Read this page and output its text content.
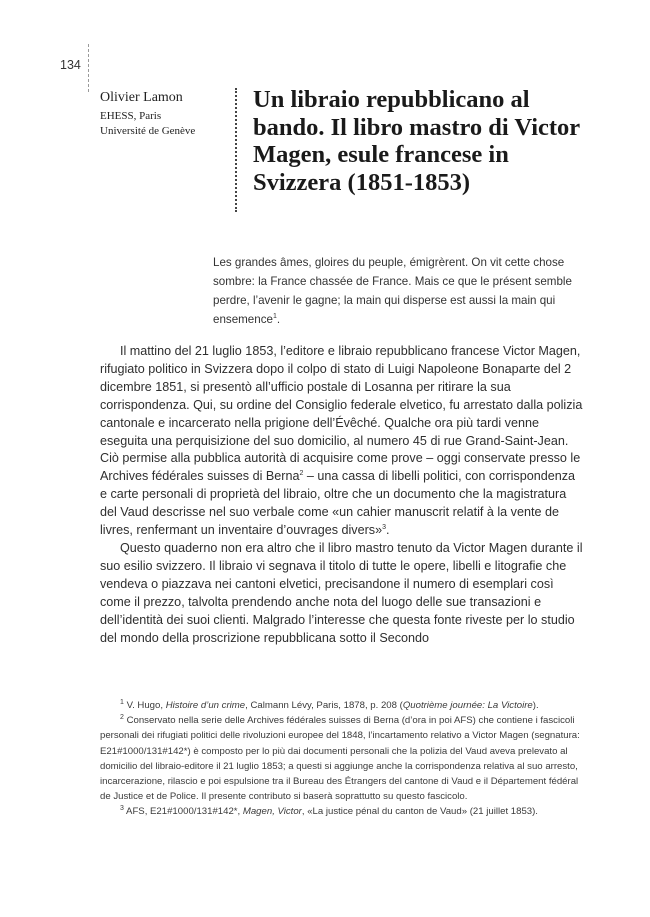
134
Olivier Lamon
EHESS, Paris
Université de Genève
Un libraio repubblicano al bando. Il libro mastro di Victor Magen, esule francese in Svizzera (1851-1853)

Les grandes âmes, gloires du peuple, émigrèrent. On vit cette chose sombre: la France chassée de France. Mais ce que le présent semble perdre, l’avenir le gagne; la main qui disperse est aussi la main qui ensemence$^1$.

Il mattino del 21 luglio 1853, l’editore e libraio repubblicano francese Victor Magen, rifugiato politico in Svizzera dopo il colpo di stato di Luigi Napoleone Bonaparte del 2 dicembre 1851, si presentò all’ufficio postale di Losanna per ritirare la sua corrispondenza. Qui, su ordine del Consiglio federale elvetico, fu arrestato dalla polizia cantonale e incarcerato nella prigione dell’Évêché. Qualche ora più tardi venne eseguita una perquisizione del suo domicilio, al numero 45 di rue Grand-Saint-Jean. Ciò permise alla pubblica autorità di acquisire come prove – oggi conservate presso le Archives fédérales suisses di Berna$^2$ – una cassa di libelli politici, con corrispondenza e carte personali di proprietà del libraio, oltre che un documento che la magistratura del Vaud descrisse nel suo verbale come «un cahier manuscrit relatif à la vente de livres, renfermant un inventaire d’ouvrages divers»$^3$.

Questo quaderno non era altro che il libro mastro tenuto da Victor Magen durante il suo esilio svizzero. Il libraio vi segnava il titolo di tutte le opere, libelli e litografie che vendeva o piazzava nei cantoni elvetici, precisandone il numero di esemplari così come il prezzo, talvolta prendendo anche nota del luogo delle sue transazioni e dell’identità dei suoi clienti. Malgrado l’interesse che questa fonte riveste per lo studio del mondo della proscrizione repubblicana sotto il Secondo

$^1$ V. Hugo, Histoire d’un crime, Calmann Lévy, Paris, 1878, p. 208 (Quotrième journée: La Victoire).

$^2$ Conservato nella serie delle Archives fédérales suisses di Berna (d’ora in poi AFS) che contiene i fascicoli personali dei rifugiati politici delle rivoluzioni europee del 1848, l’incartamento relativo a Victor Magen (segnatura: E21#1000/131#142*) è composto per lo più dai documenti personali che la polizia del Vaud aveva prelevato al domicilio del libraio-editore il 21 luglio 1853; a questi si aggiunge anche la corrispondenza relativa al suo arresto, incarcerazione, rilascio e poi espulsione tra il Bureau des Étrangers del cantone di Vaud e il Département fédéral de Justice et de Police. Il presente contributo si baserà soprattutto su questo fascicolo.

$^3$ AFS, E21#1000/131#142*, Magen, Victor, «La justice pénal du canton de Vaud» (21 juillet 1853).
